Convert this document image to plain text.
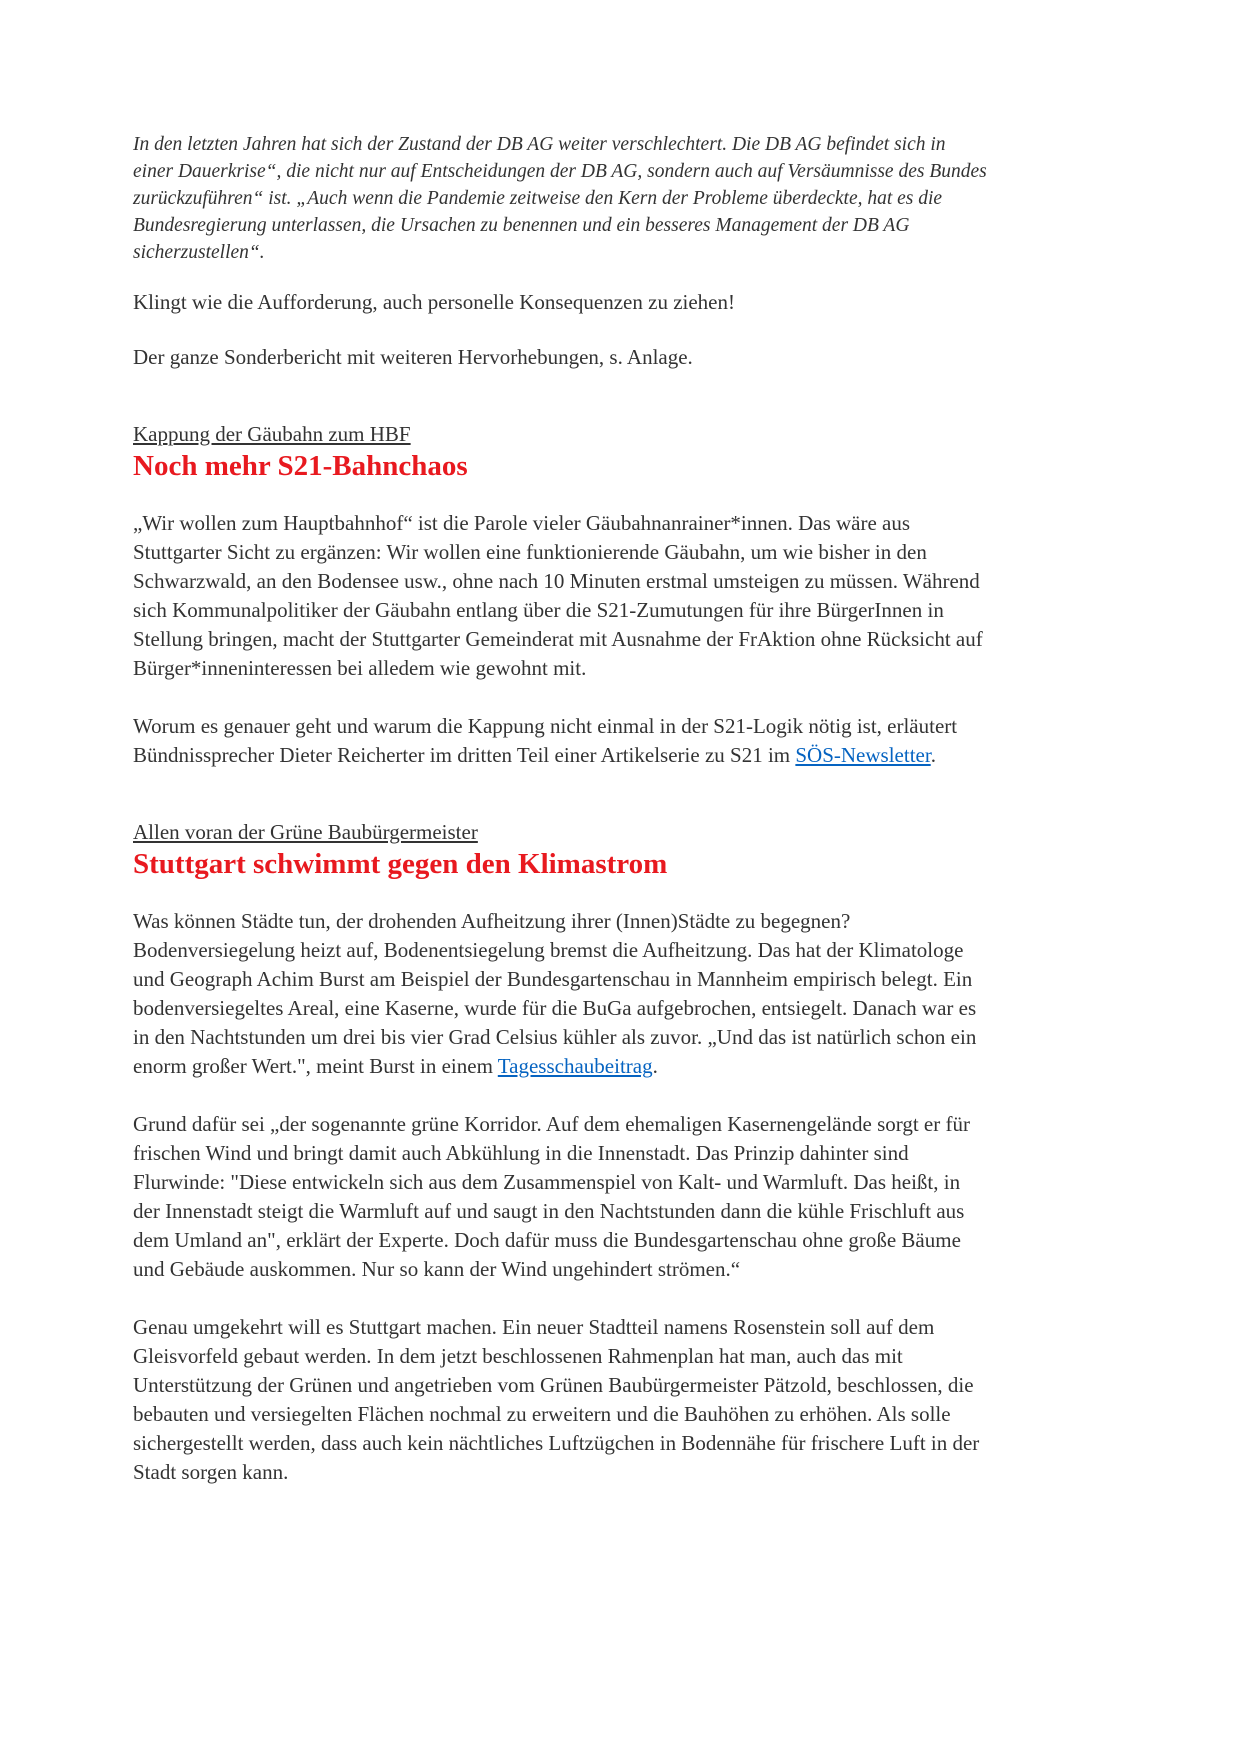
In den letzten Jahren hat sich der Zustand der DB AG weiter verschlechtert. Die DB AG befindet sich in einer Dauerkrise“, die nicht nur auf Entscheidungen der DB AG, sondern auch auf Versäumnisse des Bundes zurückzuführen“ ist. „Auch wenn die Pandemie zeitweise den Kern der Probleme überdeckte, hat es die Bundesregierung unterlassen, die Ursachen zu benennen und ein besseres Management der DB AG sicherzustellen“.

Klingt wie die Aufforderung, auch personelle Konsequenzen zu ziehen!

Der ganze Sonderbericht mit weiteren Hervorhebungen, s. Anlage.

Kappung der Gäubahn zum HBF
Noch mehr S21-Bahnchaos

„Wir wollen zum Hauptbahnhof“ ist die Parole vieler Gäubahnanrainer*innen. Das wäre aus Stuttgarter Sicht zu ergänzen: Wir wollen eine funktionierende Gäubahn, um wie bisher in den Schwarzwald, an den Bodensee usw., ohne nach 10 Minuten erstmal umsteigen zu müssen. Während sich Kommunalpolitiker der Gäubahn entlang über die S21-Zumutungen für ihre BürgerInnen in Stellung bringen, macht der Stuttgarter Gemeinderat mit Ausnahme der FrAktion ohne Rücksicht auf Bürger*inneninteressen bei alledem wie gewohnt mit.

Worum es genauer geht und warum die Kappung nicht einmal in der S21-Logik nötig ist, erläutert Bündnissprecher Dieter Reicherter im dritten Teil einer Artikelserie zu S21 im SÖS-Newsletter.

Allen voran der Grüne Baubürgermeister
Stuttgart schwimmt gegen den Klimastrom

Was können Städte tun, der drohenden Aufheitzung ihrer (Innen)Städte zu begegnen? Bodenversiegelung heizt auf, Bodenentsiegelung bremst die Aufheitzung. Das hat der Klimatologe und Geograph Achim Burst am Beispiel der Bundesgartenschau in Mannheim empirisch belegt. Ein bodenversiegeltes Areal, eine Kaserne, wurde für die BuGa aufgebrochen, entsiegelt. Danach war es in den Nachtstunden um drei bis vier Grad Celsius kühler als zuvor. „Und das ist natürlich schon ein enorm großer Wert.", meint Burst in einem Tagesschaubeitrag.

Grund dafür sei „der sogenannte grüne Korridor. Auf dem ehemaligen Kasernengelände sorgt er für frischen Wind und bringt damit auch Abkühlung in die Innenstadt. Das Prinzip dahinter sind Flurwinde: "Diese entwickeln sich aus dem Zusammenspiel von Kalt- und Warmluft. Das heißt, in der Innenstadt steigt die Warmluft auf und saugt in den Nachtstunden dann die kühle Frischluft aus dem Umland an", erklärt der Experte. Doch dafür muss die Bundesgartenschau ohne große Bäume und Gebäude auskommen. Nur so kann der Wind ungehindert strömen.“

Genau umgekehrt will es Stuttgart machen. Ein neuer Stadtteil namens Rosenstein soll auf dem Gleisvorfeld gebaut werden. In dem jetzt beschlossenen Rahmenplan hat man, auch das mit Unterstützung der Grünen und angetrieben vom Grünen Baubürgermeister Pätzold, beschlossen, die bebauten und versiegelten Flächen nochmal zu erweitern und die Bauhöhen zu erhöhen. Als solle sichergestellt werden, dass auch kein nächtliches Luftzügchen in Bodennähe für frischere Luft in der Stadt sorgen kann.
